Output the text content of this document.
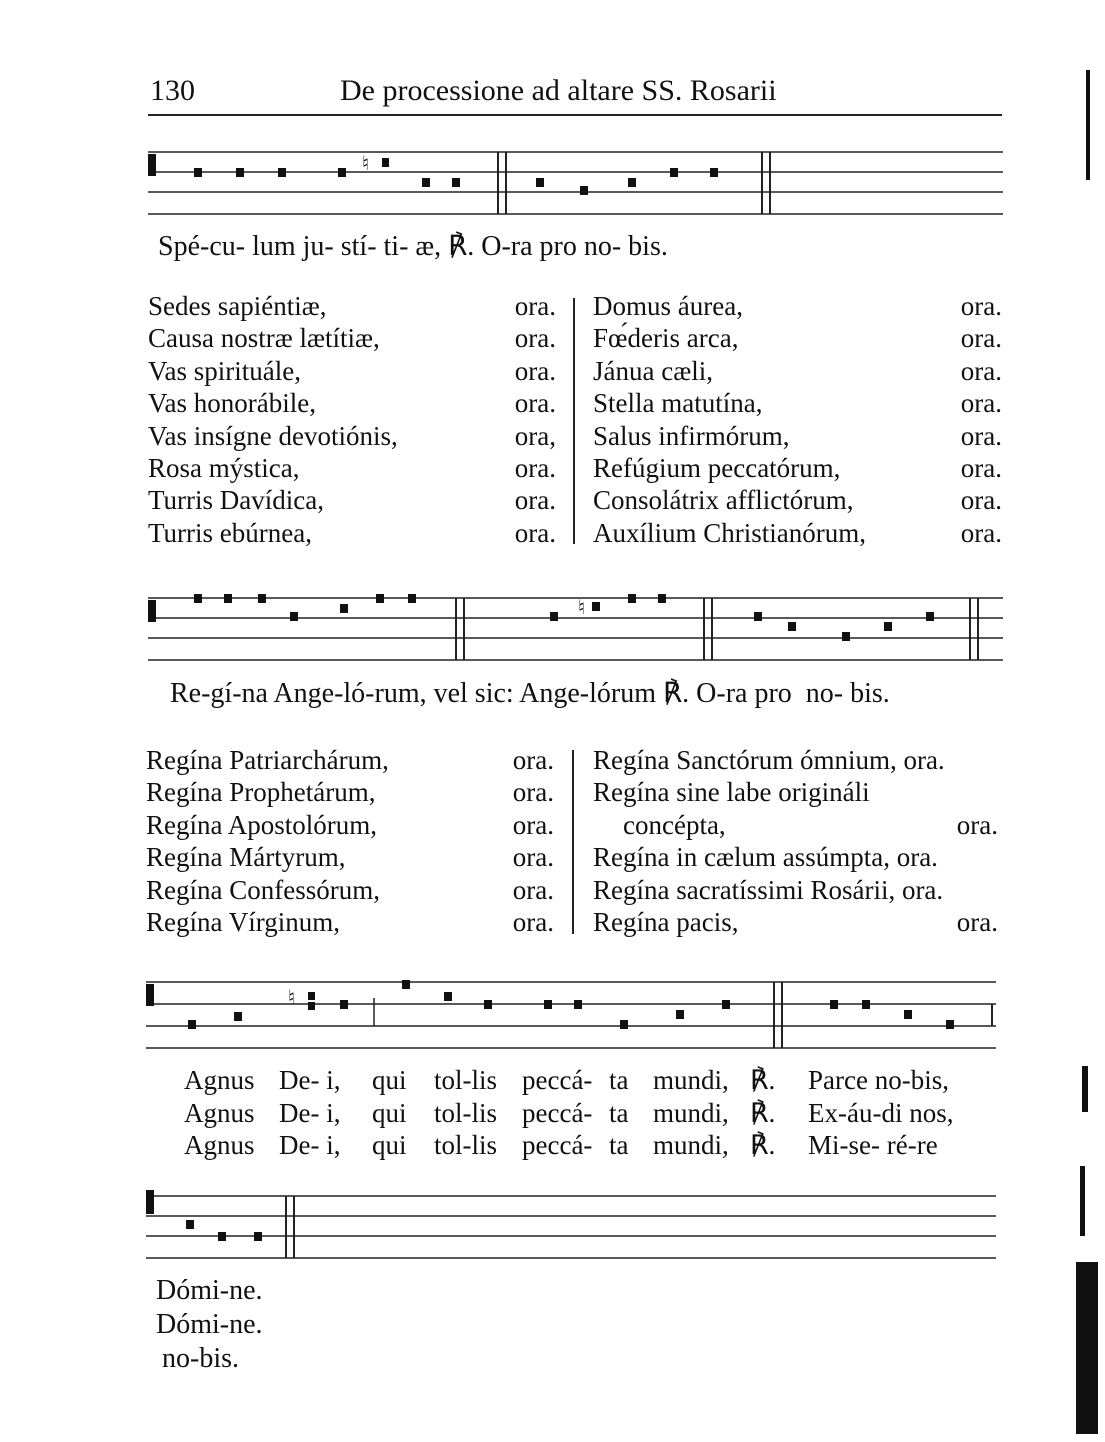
130	De processione ad altare SS. Rosarii
♮
Spé-cu- lum ju- stí- ti- æ, ℟. O-ra pro no- bis.
Sedes sapiéntiæ,
Causa nostræ lætítiæ,
Vas spirituále,
Vas honorábile,
Vas insígne devotiónis,
Rosa mýstica,
Turris Davídica,
Turris ebúrnea,
ora.
ora.
ora.
ora.
ora,
ora.
ora.
ora.
Domus áurea,
Fœ́deris arca,
Jánua cæli,
Stella matutína,
Salus infirmórum,
Refúgium peccatórum,
Consolátrix afflictórum,
Auxílium Christianórum,
ora.
ora.
ora.
ora.
ora.
ora.
ora.
ora.
♮
Re-gí-na Ange-ló-rum, vel sic: Ange-lórum ℟. O-ra pro  no- bis.
Regína Patriarchárum,
Regína Prophetárum,
Regína Apostolórum,
Regína Mártyrum,
Regína Confessórum,
Regína Vírginum,
ora.
ora.
ora.
ora.
ora.
ora.
Regína Sanctórum ómnium, ora.
Regína sine labe origináli
concépta,
Regína in cælum assúmpta, ora.
Regína sacratíssimi Rosárii, ora.
Regína pacis,
ora.
ora.
♮
Agnus
Agnus
Agnus
De- i,
De- i,
De- i,
qui
qui
qui
tol-lis
tol-lis
tol-lis
peccá-
peccá-
peccá-
ta
ta
ta
mundi,
mundi,
mundi,
℟.
℟.
℟.
Parce no-bis,
Ex-áu-di nos,
Mi-se- ré-re
Dómi-ne.
Dómi-ne.
no-bis.
